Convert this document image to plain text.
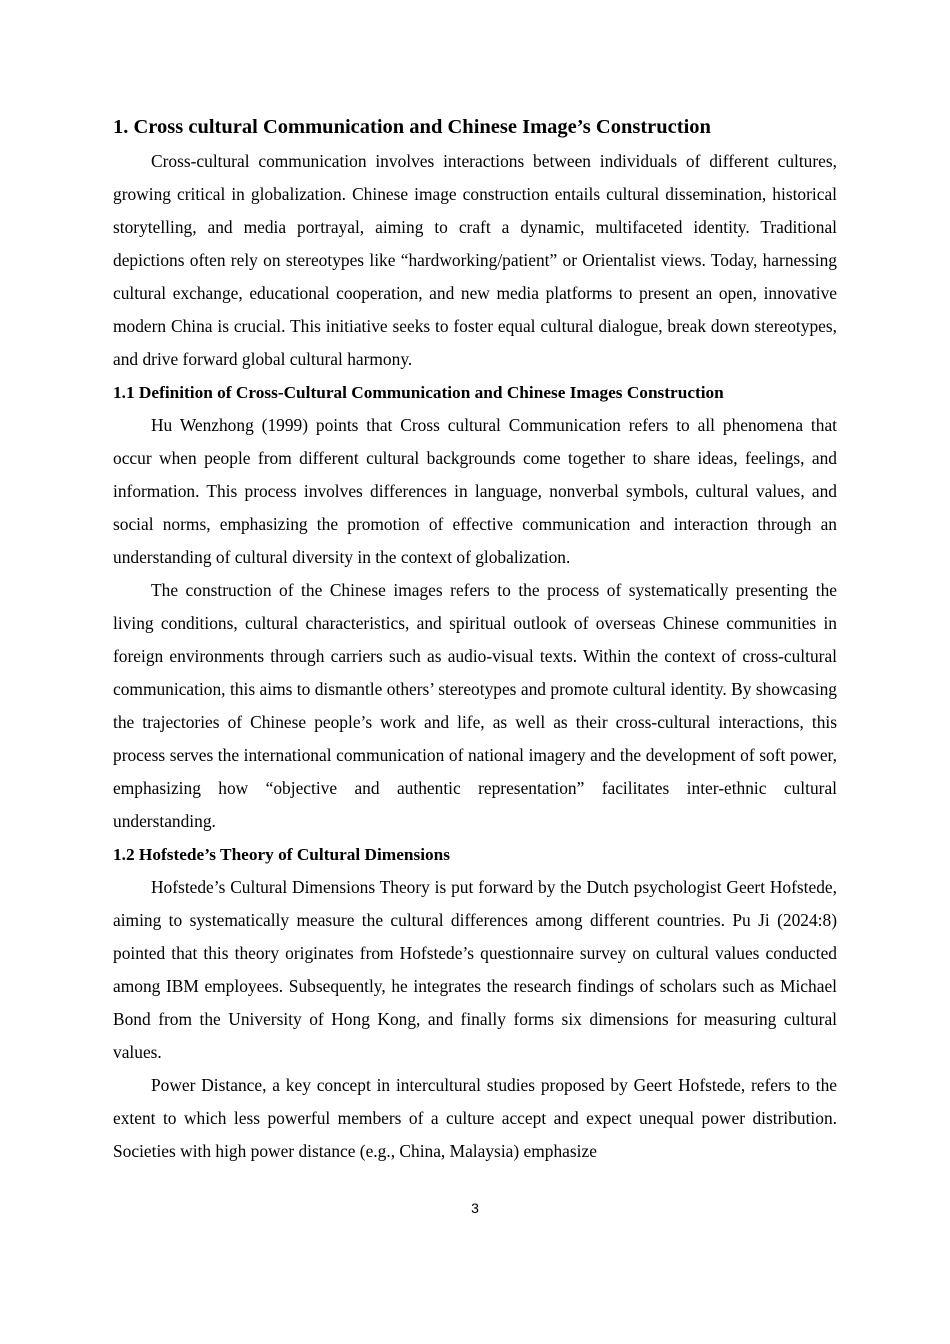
1. Cross cultural Communication and Chinese Image’s Construction

Cross-cultural communication involves interactions between individuals of different cultures, growing critical in globalization. Chinese image construction entails cultural dissemination, historical storytelling, and media portrayal, aiming to craft a dynamic, multifaceted identity. Traditional depictions often rely on stereotypes like “hardworking/patient” or Orientalist views. Today, harnessing cultural exchange, educational cooperation, and new media platforms to present an open, innovative modern China is crucial. This initiative seeks to foster equal cultural dialogue, break down stereotypes, and drive forward global cultural harmony.

1.1 Definition of Cross-Cultural Communication and Chinese Images Construction

Hu Wenzhong (1999) points that Cross cultural Communication refers to all phenomena that occur when people from different cultural backgrounds come together to share ideas, feelings, and information. This process involves differences in language, nonverbal symbols, cultural values, and social norms, emphasizing the promotion of effective communication and interaction through an understanding of cultural diversity in the context of globalization.

The construction of the Chinese images refers to the process of systematically presenting the living conditions, cultural characteristics, and spiritual outlook of overseas Chinese communities in foreign environments through carriers such as audio-visual texts. Within the context of cross-cultural communication, this aims to dismantle others’ stereotypes and promote cultural identity. By showcasing the trajectories of Chinese people’s work and life, as well as their cross-cultural interactions, this process serves the international communication of national imagery and the development of soft power, emphasizing how “objective and authentic representation” facilitates inter-ethnic cultural understanding.

1.2 Hofstede’s Theory of Cultural Dimensions

Hofstede’s Cultural Dimensions Theory is put forward by the Dutch psychologist Geert Hofstede, aiming to systematically measure the cultural differences among different countries. Pu Ji (2024:8) pointed that this theory originates from Hofstede’s questionnaire survey on cultural values conducted among IBM employees. Subsequently, he integrates the research findings of scholars such as Michael Bond from the University of Hong Kong, and finally forms six dimensions for measuring cultural values.

Power Distance, a key concept in intercultural studies proposed by Geert Hofstede, refers to the extent to which less powerful members of a culture accept and expect unequal power distribution. Societies with high power distance (e.g., China, Malaysia) emphasize

3
